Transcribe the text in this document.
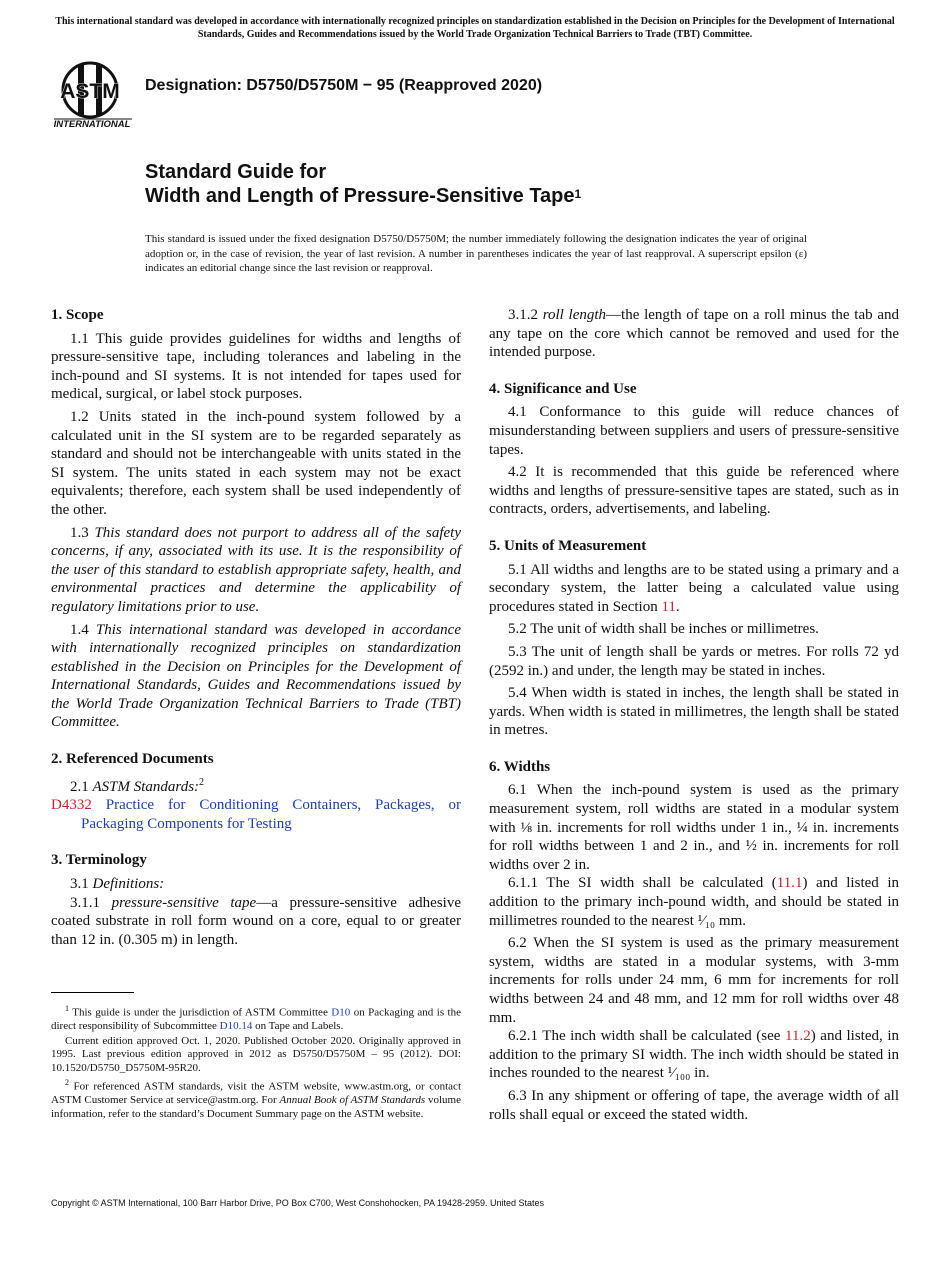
This international standard was developed in accordance with internationally recognized principles on standardization established in the Decision on Principles for the Development of International Standards, Guides and Recommendations issued by the World Trade Organization Technical Barriers to Trade (TBT) Committee.
ASTM
INTERNATIONAL
Designation: D5750/D5750M − 95 (Reapproved 2020)
Standard Guide for
Width and Length of Pressure-Sensitive Tape$^1$
This standard is issued under the fixed designation D5750/D5750M; the number immediately following the designation indicates the year of original adoption or, in the case of revision, the year of last revision. A number in parentheses indicates the year of last reapproval. A superscript epsilon (ε) indicates an editorial change since the last revision or reapproval.
1. Scope

1.1 This guide provides guidelines for widths and lengths of pressure-sensitive tape, including tolerances and labeling in the inch-pound and SI systems. It is not intended for tapes used for medical, surgical, or label stock purposes.

1.2 Units stated in the inch-pound system followed by a calculated unit in the SI system are to be regarded separately as standard and should not be interchangeable with units stated in the SI system. The units stated in each system may not be exact equivalents; therefore, each system shall be used independently of the other.

1.3 This standard does not purport to address all of the safety concerns, if any, associated with its use. It is the responsibility of the user of this standard to establish appropriate safety, health, and environmental practices and determine the applicability of regulatory limitations prior to use.

1.4 This international standard was developed in accordance with internationally recognized principles on standardization established in the Decision on Principles for the Development of International Standards, Guides and Recommendations issued by the World Trade Organization Technical Barriers to Trade (TBT) Committee.

2. Referenced Documents

2.1 ASTM Standards:$^2$

D4332 Practice for Conditioning Containers, Packages, or Packaging Components for Testing

3. Terminology

3.1 Definitions:

3.1.1 pressure-sensitive tape—a pressure-sensitive adhesive coated substrate in roll form wound on a core, equal to or greater than 12 in. (0.305 m) in length.

$^1$ This guide is under the jurisdiction of ASTM Committee D10 on Packaging and is the direct responsibility of Subcommittee D10.14 on Tape and Labels.

Current edition approved Oct. 1, 2020. Published October 2020. Originally approved in 1995. Last previous edition approved in 2012 as D5750/D5750M – 95 (2012). DOI: 10.1520/D5750_D5750M-95R20.

$^2$ For referenced ASTM standards, visit the ASTM website, www.astm.org, or contact ASTM Customer Service at service@astm.org. For Annual Book of ASTM Standards volume information, refer to the standard’s Document Summary page on the ASTM website.

3.1.2 roll length—the length of tape on a roll minus the tab and any tape on the core which cannot be removed and used for the intended purpose.

4. Significance and Use

4.1 Conformance to this guide will reduce chances of misunderstanding between suppliers and users of pressure-sensitive tapes.

4.2 It is recommended that this guide be referenced where widths and lengths of pressure-sensitive tapes are stated, such as in contracts, orders, advertisements, and labeling.

5. Units of Measurement

5.1 All widths and lengths are to be stated using a primary and a secondary system, the latter being a calculated value using procedures stated in Section 11.

5.2 The unit of width shall be inches or millimetres.

5.3 The unit of length shall be yards or metres. For rolls 72 yd (2592 in.) and under, the length may be stated in inches.

5.4 When width is stated in inches, the length shall be stated in yards. When width is stated in millimetres, the length shall be stated in metres.

6. Widths

6.1 When the inch-pound system is used as the primary measurement system, roll widths are stated in a modular system with ⅛ in. increments for roll widths under 1 in., ¼ in. increments for roll widths between 1 and 2 in., and ½ in. increments for roll widths over 2 in.

6.1.1 The SI width shall be calculated (11.1) and listed in addition to the primary inch-pound width, and should be stated in millimetres rounded to the nearest ¹⁄₁₀ mm.

6.2 When the SI system is used as the primary measurement system, widths are stated in a modular systems, with 3-mm increments for rolls under 24 mm, 6 mm for increments for roll widths between 24 and 48 mm, and 12 mm for roll widths over 48 mm.

6.2.1 The inch width shall be calculated (see 11.2) and listed, in addition to the primary SI width. The inch width should be stated in inches rounded to the nearest ¹⁄₁₀₀ in.

6.3 In any shipment or offering of tape, the average width of all rolls shall equal or exceed the stated width.

Copyright © ASTM International, 100 Barr Harbor Drive, PO Box C700, West Conshohocken, PA 19428-2959. United States
